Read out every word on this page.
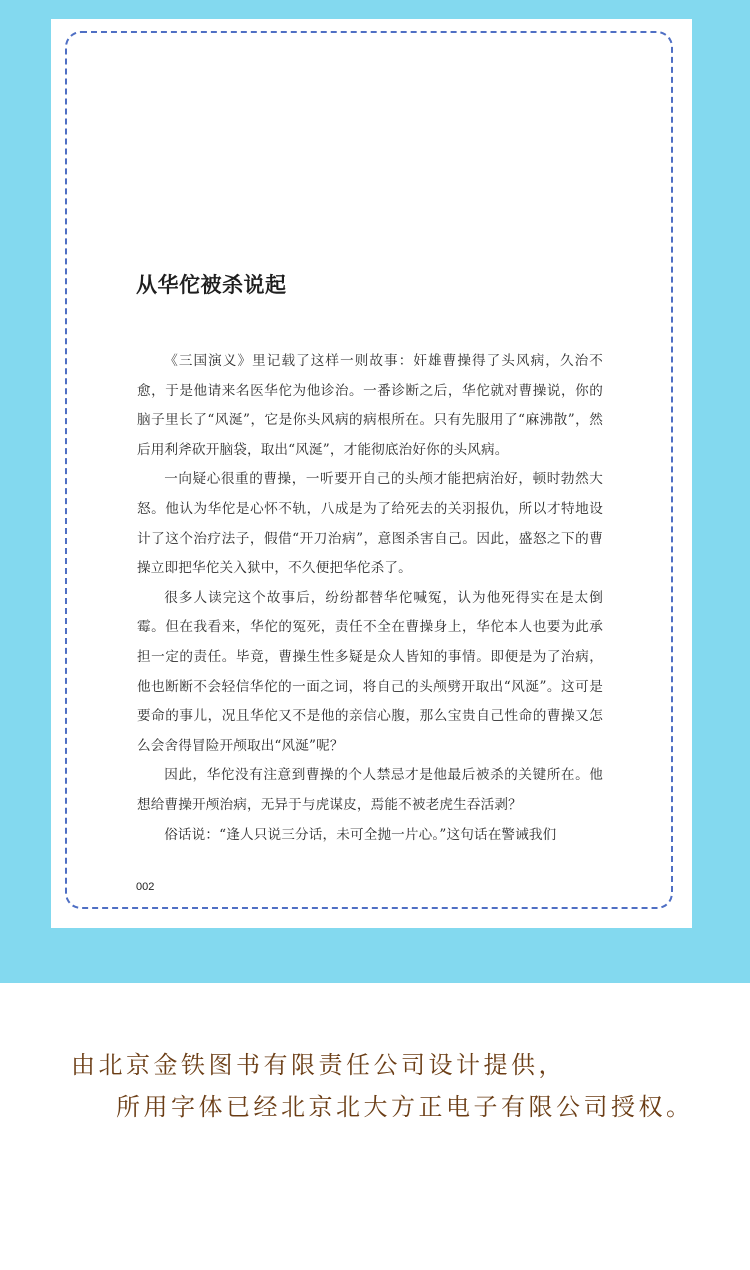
从华佗被杀说起

《三国演义》里记载了这样一则故事：奸雄曹操得了头风病，久治不愈，于是他请来名医华佗为他诊治。一番诊断之后，华佗就对曹操说，你的脑子里长了“风涎”，它是你头风病的病根所在。只有先服用了“麻沸散”，然后用利斧砍开脑袋，取出“风涎”，才能彻底治好你的头风病。

一向疑心很重的曹操，一听要开自己的头颅才能把病治好，顿时勃然大怒。他认为华佗是心怀不轨，八成是为了给死去的关羽报仇，所以才特地设计了这个治疗法子，假借“开刀治病”，意图杀害自己。因此，盛怒之下的曹操立即把华佗关入狱中，不久便把华佗杀了。

很多人读完这个故事后，纷纷都替华佗喊冤，认为他死得实在是太倒霉。但在我看来，华佗的冤死，责任不全在曹操身上，华佗本人也要为此承担一定的责任。毕竟，曹操生性多疑是众人皆知的事情。即便是为了治病，他也断断不会轻信华佗的一面之词，将自己的头颅劈开取出“风涎”。这可是要命的事儿，况且华佗又不是他的亲信心腹，那么宝贵自己性命的曹操又怎么会舍得冒险开颅取出“风涎”呢？

因此，华佗没有注意到曹操的个人禁忌才是他最后被杀的关键所在。他想给曹操开颅治病，无异于与虎谋皮，焉能不被老虎生吞活剥？

俗话说：“逢人只说三分话，未可全抛一片心。”这句话在警诫我们

002
由北京金铁图书有限责任公司设计提供，
所用字体已经北京北大方正电子有限公司授权。
